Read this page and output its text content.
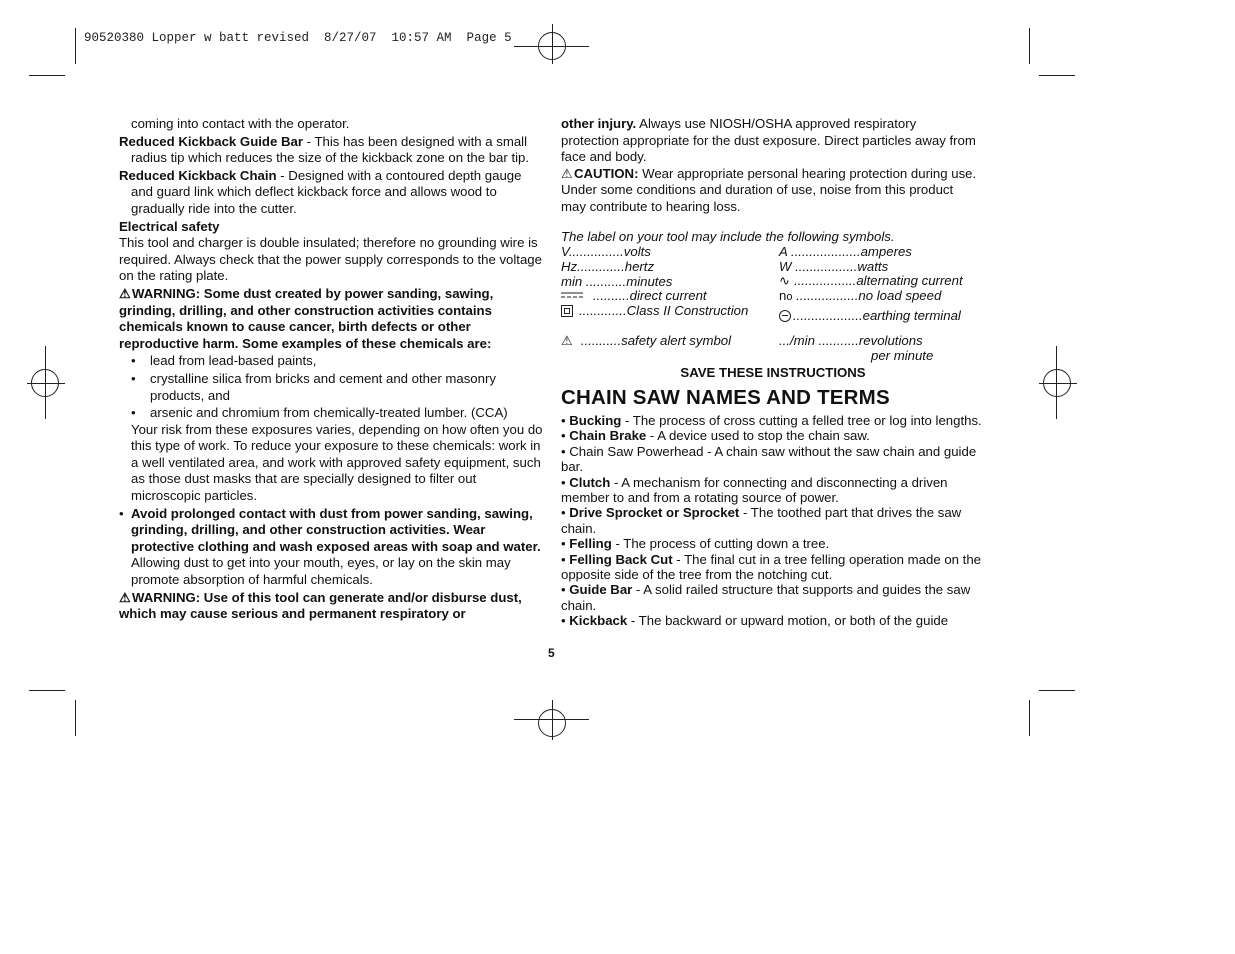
90520380 Lopper w batt revised  8/27/07  10:57 AM  Page 5

coming into contact with the operator.

Reduced Kickback Guide Bar - This has been designed with a small radius tip which reduces the size of the kickback zone on the bar tip.

Reduced Kickback Chain - Designed with a contoured depth gauge and guard link which deflect kickback force and allows wood to gradually ride into the cutter.

Electrical safety

This tool and charger is double insulated; therefore no grounding wire is required. Always check that the power supply corresponds to the voltage on the rating plate.

⚠WARNING: Some dust created by power sanding, sawing, grinding, drilling, and other construction activities contains chemicals known to cause cancer, birth defects or other reproductive harm. Some examples of these chemicals are:

• lead from lead-based paints,

• crystalline silica from bricks and cement and other masonry products, and

• arsenic and chromium from chemically-treated lumber. (CCA)

Your risk from these exposures varies, depending on how often you do this type of work. To reduce your exposure to these chemicals: work in a well ventilated area, and work with approved safety equipment, such as those dust masks that are specially designed to filter out microscopic particles.

• Avoid prolonged contact with dust from power sanding, sawing, grinding, drilling, and other construction activities. Wear protective clothing and wash exposed areas with soap and water. Allowing dust to get into your mouth, eyes, or lay on the skin may promote absorption of harmful chemicals.

⚠WARNING: Use of this tool can generate and/or disburse dust, which may cause serious and permanent respiratory or

other injury. Always use NIOSH/OSHA approved respiratory protection appropriate for the dust exposure. Direct particles away from face and body.

⚠CAUTION: Wear appropriate personal hearing protection during use. Under some conditions and duration of use, noise from this product may contribute to hearing loss.

The label on your tool may include the following symbols.
V...............volts
Hz.............hertz
min ...........minutes
..........direct current
.............Class II Construction
⚠ ...........safety alert symbol
A ...................amperes
W .................watts
∿ .................alternating current
no .................no load speed
...................earthing terminal
.../min ...........revolutions
per minute
SAVE THESE INSTRUCTIONS
CHAIN SAW NAMES AND TERMS

• Bucking - The process of cross cutting a felled tree or log into lengths.

• Chain Brake - A device used to stop the chain saw.

• Chain Saw Powerhead - A chain saw without the saw chain and guide bar.

• Clutch - A mechanism for connecting and disconnecting a driven member to and from a rotating source of power.

• Drive Sprocket or Sprocket - The toothed part that drives the saw chain.

• Felling - The process of cutting down a tree.

• Felling Back Cut - The final cut in a tree felling operation made on the opposite side of the tree from the notching cut.

• Guide Bar - A solid railed structure that supports and guides the saw chain.

• Kickback - The backward or upward motion, or both of the guide

5
